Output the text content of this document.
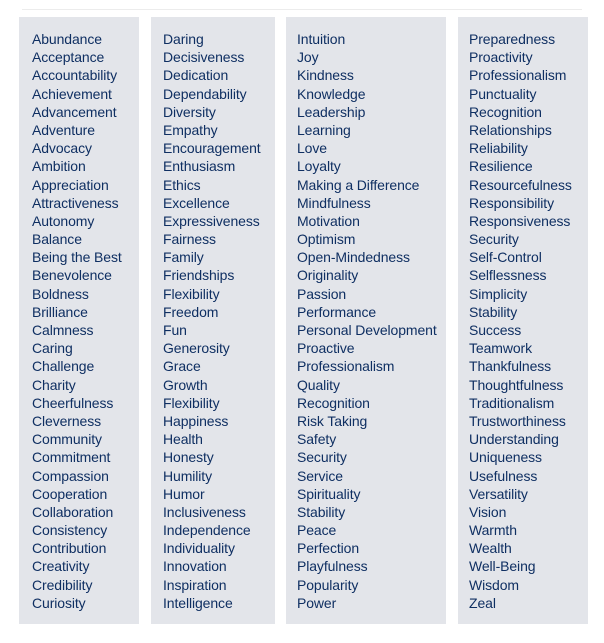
Abundance
Acceptance
Accountability
Achievement
Advancement
Adventure
Advocacy
Ambition
Appreciation
Attractiveness
Autonomy
Balance
Being the Best
Benevolence
Boldness
Brilliance
Calmness
Caring
Challenge
Charity
Cheerfulness
Cleverness
Community
Commitment
Compassion
Cooperation
Collaboration
Consistency
Contribution
Creativity
Credibility
Curiosity
Daring
Decisiveness
Dedication
Dependability
Diversity
Empathy
Encouragement
Enthusiasm
Ethics
Excellence
Expressiveness
Fairness
Family
Friendships
Flexibility
Freedom
Fun
Generosity
Grace
Growth
Flexibility
Happiness
Health
Honesty
Humility
Humor
Inclusiveness
Independence
Individuality
Innovation
Inspiration
Intelligence
Intuition
Joy
Kindness
Knowledge
Leadership
Learning
Love
Loyalty
Making a Difference
Mindfulness
Motivation
Optimism
Open-Mindedness
Originality
Passion
Performance
Personal Development
Proactive
Professionalism
Quality
Recognition
Risk Taking
Safety
Security
Service
Spirituality
Stability
Peace
Perfection
Playfulness
Popularity
Power
Preparedness
Proactivity
Professionalism
Punctuality
Recognition
Relationships
Reliability
Resilience
Resourcefulness
Responsibility
Responsiveness
Security
Self-Control
Selflessness
Simplicity
Stability
Success
Teamwork
Thankfulness
Thoughtfulness
Traditionalism
Trustworthiness
Understanding
Uniqueness
Usefulness
Versatility
Vision
Warmth
Wealth
Well-Being
Wisdom
Zeal
